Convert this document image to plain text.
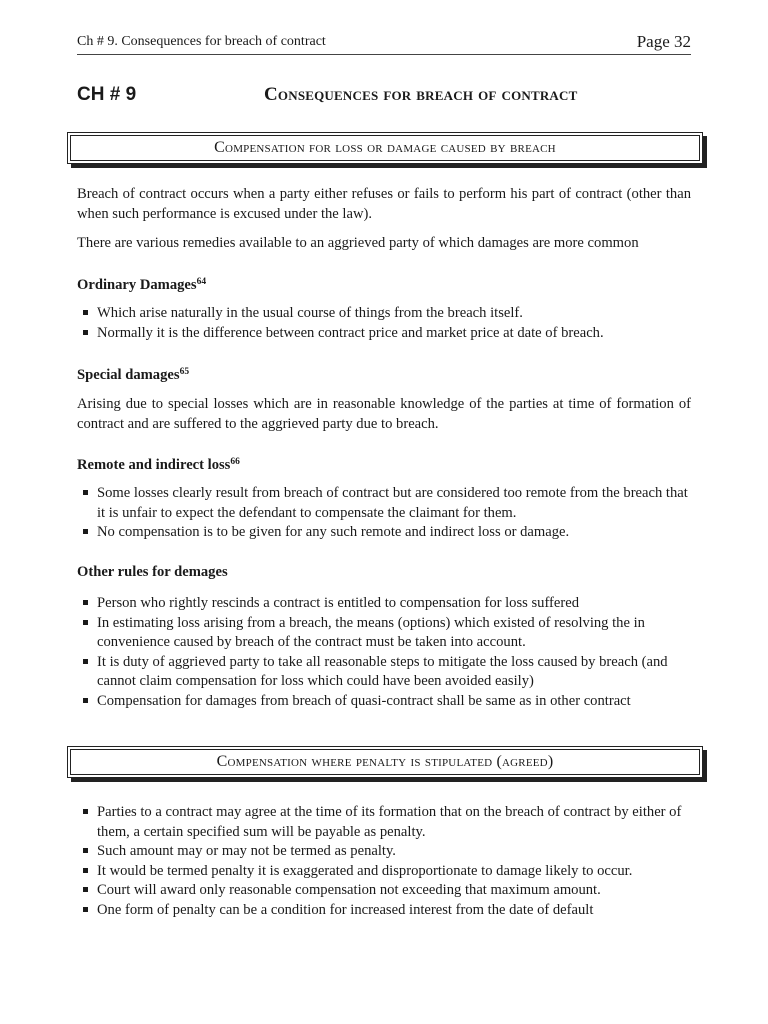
Ch # 9. Consequences for breach of contract	Page 32
CH # 9	Consequences for breach of contract
Compensation for loss or damage caused by breach

Breach of contract occurs when a party either refuses or fails to perform his part of contract (other than when such performance is excused under the law).

There are various remedies available to an aggrieved party of which damages are more common

Ordinary Damages$^{64}$

Which arise naturally in the usual course of things from the breach itself.
Normally it is the difference between contract price and market price at date of breach.

Special damages$^{65}$

Arising due to special losses which are in reasonable knowledge of the parties at time of formation of contract and are suffered to the aggrieved party due to breach.

Remote and indirect loss$^{66}$

Some losses clearly result from breach of contract but are considered too remote from the breach that it is unfair to expect the defendant to compensate the claimant for them.
No compensation is to be given for any such remote and indirect loss or damage.

Other rules for demages

Person who rightly rescinds a contract is entitled to compensation for loss suffered
In estimating loss arising from a breach, the means (options) which existed of resolving the in convenience caused by breach of the contract must be taken into account.
It is duty of aggrieved party to take all reasonable steps to mitigate the loss caused by breach (and cannot claim compensation for loss which could have been avoided easily)
Compensation for damages from breach of quasi-contract shall be same as in other contract
Compensation where penalty is stipulated (agreed)
Parties to a contract may agree at the time of its formation that on the breach of contract by either of them, a certain specified sum will be payable as penalty.
Such amount may or may not be termed as penalty.
It would be termed penalty it is exaggerated and disproportionate to damage likely to occur.
Court will award only reasonable compensation not exceeding that maximum amount.
One form of penalty can be a condition for increased interest from the date of default
